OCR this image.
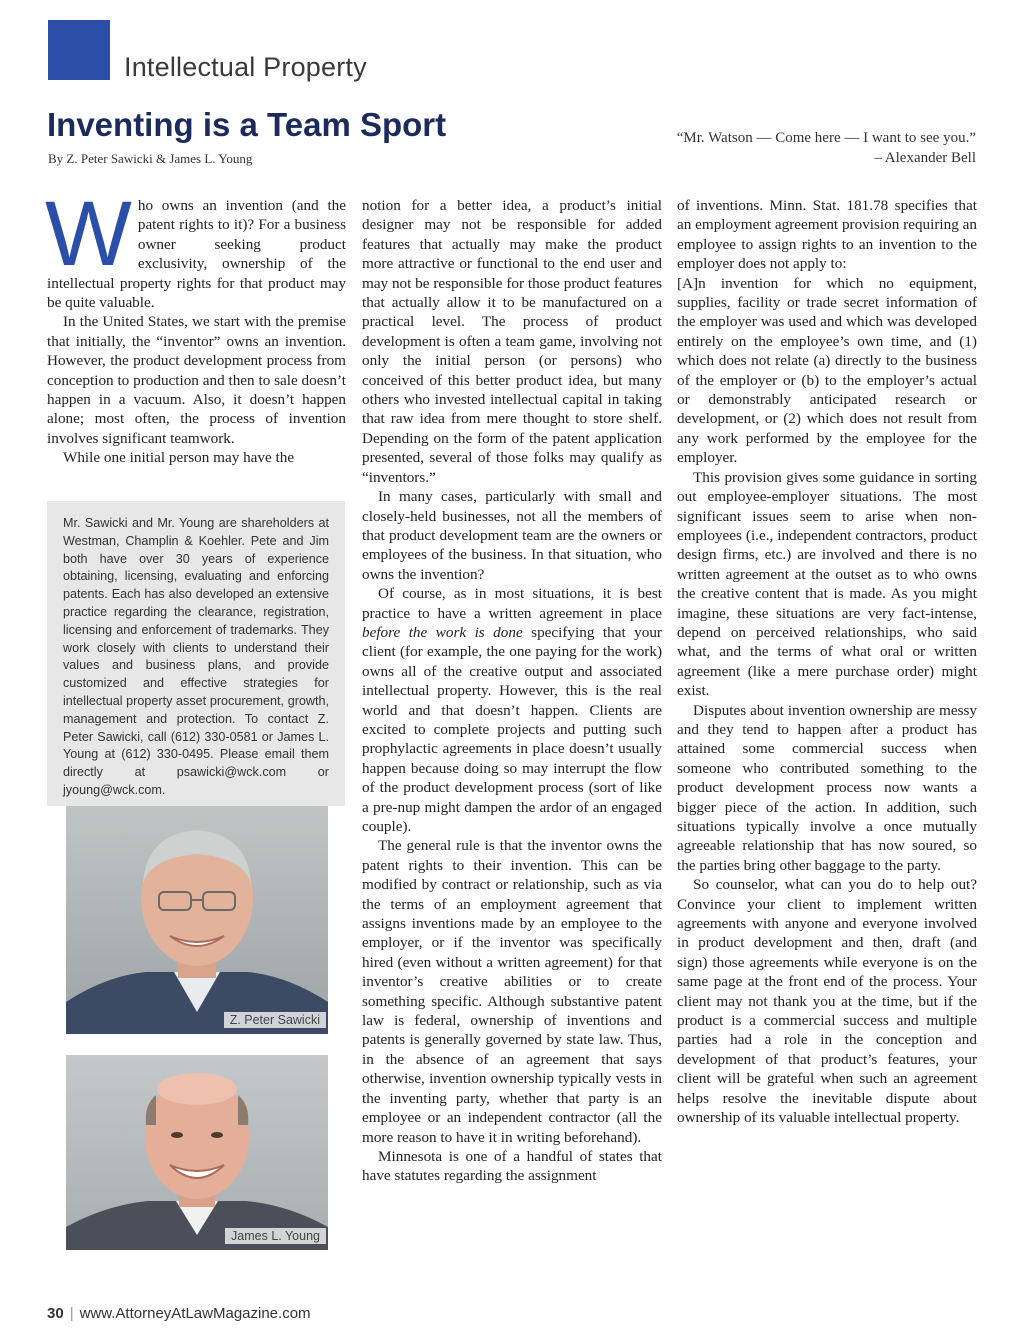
Intellectual Property
Inventing is a Team Sport
By Z. Peter Sawicki & James L. Young
“Mr. Watson — Come here — I want to see you.”
– Alexander Bell

Who owns an invention (and the patent rights to it)? For a business owner seeking product exclusivity, ownership of the intellectual property rights for that product may be quite valuable.

In the United States, we start with the premise that initially, the “inventor” owns an invention. However, the product development process from conception to production and then to sale doesn’t happen in a vacuum. Also, it doesn’t happen alone; most often, the process of invention involves significant teamwork.

While one initial person may have the

Mr. Sawicki and Mr. Young are shareholders at Westman, Champlin & Koehler. Pete and Jim both have over 30 years of experience obtaining, licensing, evaluating and enforcing patents. Each has also developed an extensive practice regarding the clearance, registration, licensing and enforcement of trademarks. They work closely with clients to understand their values and business plans, and provide customized and effective strategies for intellectual property asset procurement, growth, management and protection. To contact Z. Peter Sawicki, call (612) 330-0581 or James L. Young at (612) 330-0495. Please email them directly at psawicki@wck.com or jyoung@wck.com.

Z. Peter Sawicki
James L. Young

notion for a better idea, a product’s initial designer may not be responsible for added features that actually may make the product more attractive or functional to the end user and may not be responsible for those product features that actually allow it to be manufactured on a practical level. The process of product development is often a team game, involving not only the initial person (or persons) who conceived of this better product idea, but many others who invested intellectual capital in taking that raw idea from mere thought to store shelf. Depending on the form of the patent application presented, several of those folks may qualify as “inventors.”

In many cases, particularly with small and closely-held businesses, not all the members of that product development team are the owners or employees of the business. In that situation, who owns the invention?

Of course, as in most situations, it is best practice to have a written agreement in place before the work is done specifying that your client (for example, the one paying for the work) owns all of the creative output and associated intellectual property. However, this is the real world and that doesn’t happen. Clients are excited to complete projects and putting such prophylactic agreements in place doesn’t usually happen because doing so may interrupt the flow of the product development process (sort of like a pre-nup might dampen the ardor of an engaged couple).

The general rule is that the inventor owns the patent rights to their invention. This can be modified by contract or relationship, such as via the terms of an employment agreement that assigns inventions made by an employee to the employer, or if the inventor was specifically hired (even without a written agreement) for that inventor’s creative abilities or to create something specific. Although substantive patent law is federal, ownership of inventions and patents is generally governed by state law. Thus, in the absence of an agreement that says otherwise, invention ownership typically vests in the inventing party, whether that party is an employee or an independent contractor (all the more reason to have it in writing beforehand).

Minnesota is one of a handful of states that have statutes regarding the assignment

of inventions. Minn. Stat. 181.78 specifies that an employment agreement provision requiring an employee to assign rights to an invention to the employer does not apply to:

[A]n invention for which no equipment, supplies, facility or trade secret information of the employer was used and which was developed entirely on the employee’s own time, and (1) which does not relate (a) directly to the business of the employer or (b) to the employer’s actual or demonstrably anticipated research or development, or (2) which does not result from any work performed by the employee for the employer.

This provision gives some guidance in sorting out employee-employer situations. The most significant issues seem to arise when non-employees (i.e., independent contractors, product design firms, etc.) are involved and there is no written agreement at the outset as to who owns the creative content that is made. As you might imagine, these situations are very fact-intense, depend on perceived relationships, who said what, and the terms of what oral or written agreement (like a mere purchase order) might exist.

Disputes about invention ownership are messy and they tend to happen after a product has attained some commercial success when someone who contributed something to the product development process now wants a bigger piece of the action. In addition, such situations typically involve a once mutually agreeable relationship that has now soured, so the parties bring other baggage to the party.

So counselor, what can you do to help out? Convince your client to implement written agreements with anyone and everyone involved in product development and then, draft (and sign) those agreements while everyone is on the same page at the front end of the process. Your client may not thank you at the time, but if the product is a commercial success and multiple parties had a role in the conception and development of that product’s features, your client will be grateful when such an agreement helps resolve the inevitable dispute about ownership of its valuable intellectual property.

30 | www.AttorneyAtLawMagazine.com
